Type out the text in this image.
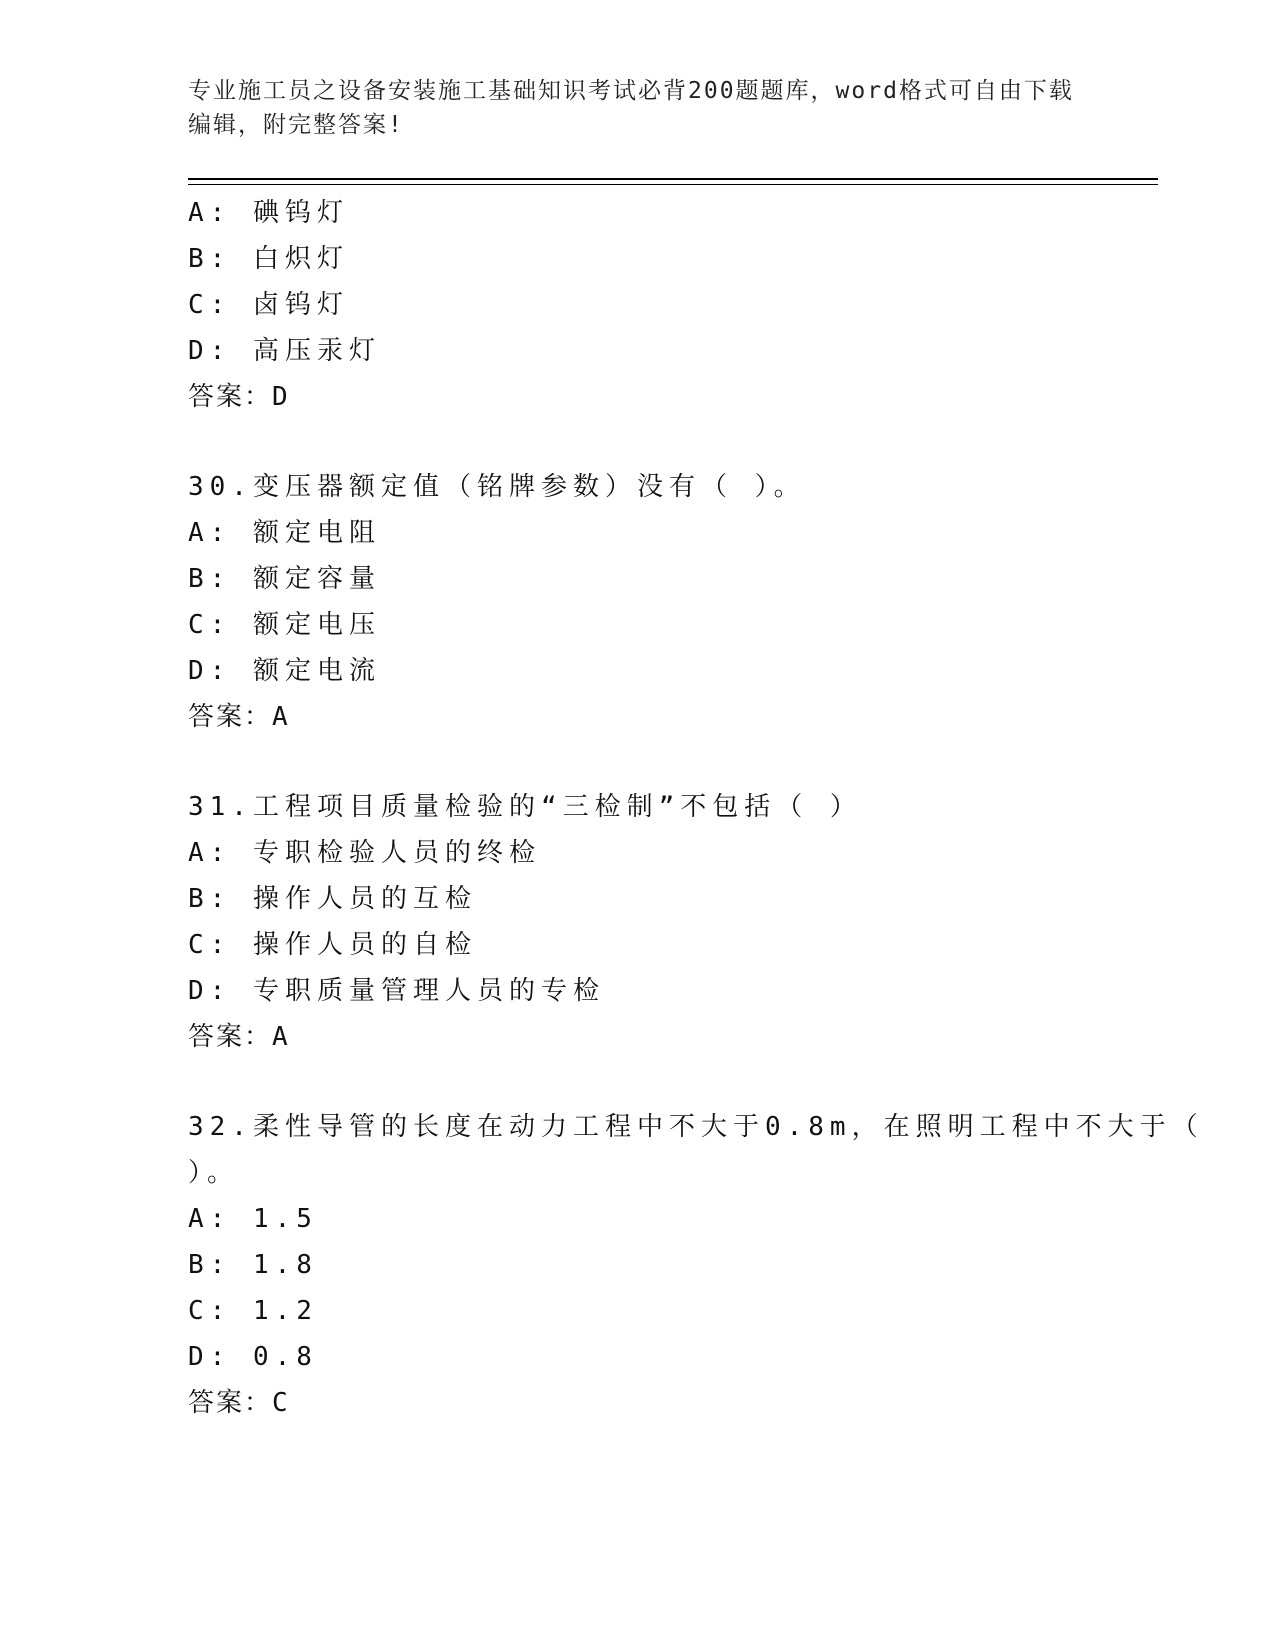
专业施工员之设备安装施工基础知识考试必背200题题库，word格式可自由下载
编辑，附完整答案!
A: 碘钨灯
B: 白炽灯
C: 卤钨灯
D: 高压汞灯
答案：D
30.变压器额定值（铭牌参数）没有（ ）。
A: 额定电阻
B: 额定容量
C: 额定电压
D: 额定电流
答案：A
31.工程项目质量检验的“三检制”不包括（ ）
A: 专职检验人员的终检
B: 操作人员的互检
C: 操作人员的自检
D: 专职质量管理人员的专检
答案：A
32.柔性导管的长度在动力工程中不大于0.8m，在照明工程中不大于（
）。
A: 1.5
B: 1.8
C: 1.2
D: 0.8
答案：C
